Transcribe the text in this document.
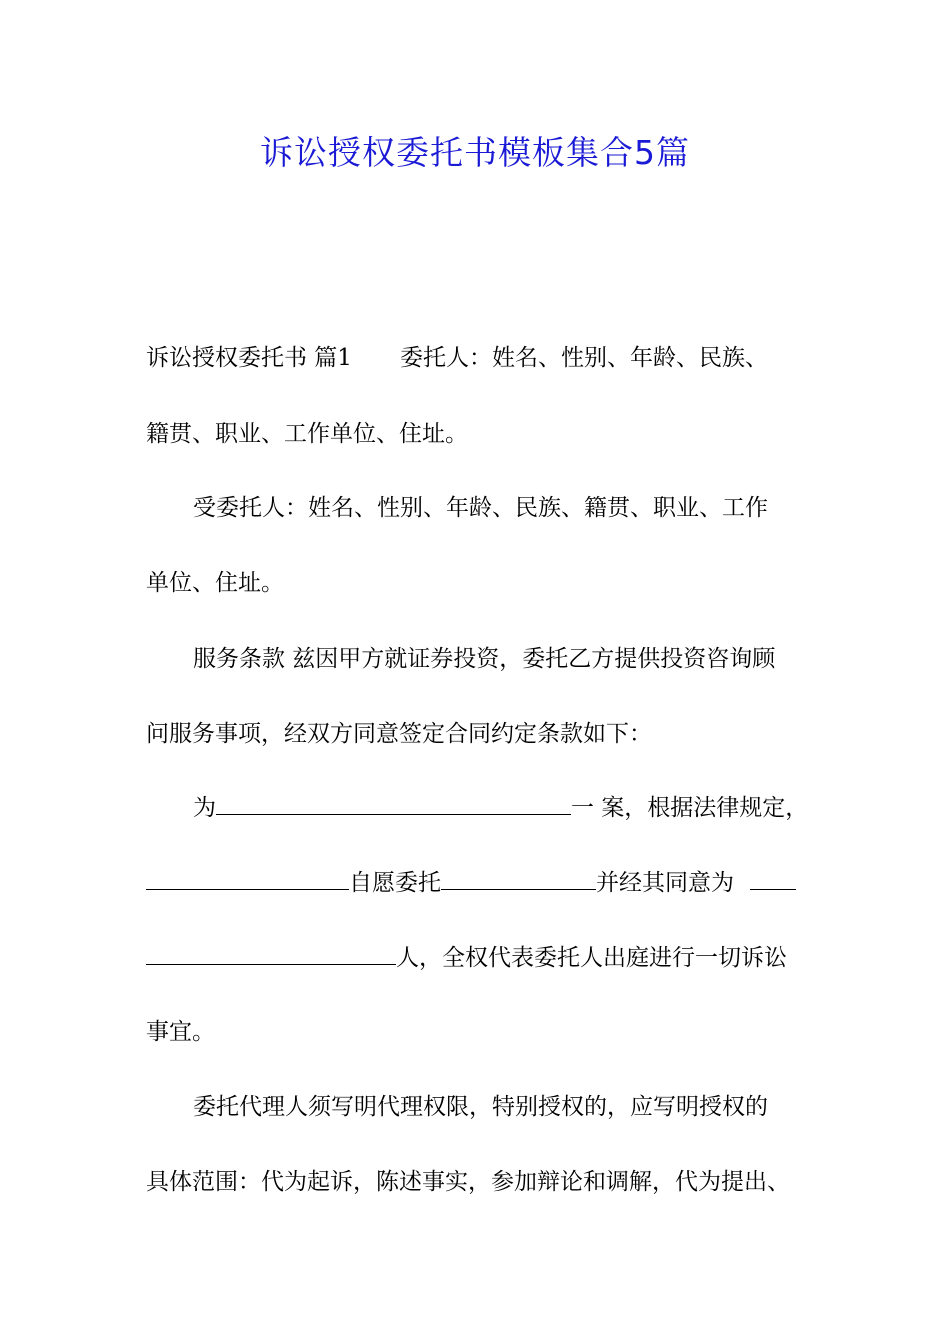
诉讼授权委托书模板集合5篇
诉讼授权委托书 篇1 委托人：姓名、性别、年龄、民族、
籍贯、职业、工作单位、住址。
受委托人：姓名、性别、年龄、民族、籍贯、职业、工作
单位、住址。
服务条款 兹因甲方就证券投资，委托乙方提供投资咨询顾
问服务事项，经双方同意签定合同约定条款如下：
为	一 案，根据法律规定，
自愿委托	并经其同意为
人，全权代表委托人出庭进行一切诉讼
事宜。
委托代理人须写明代理权限，特别授权的，应写明授权的
具体范围：代为起诉，陈述事实，参加辩论和调解，代为提出、
